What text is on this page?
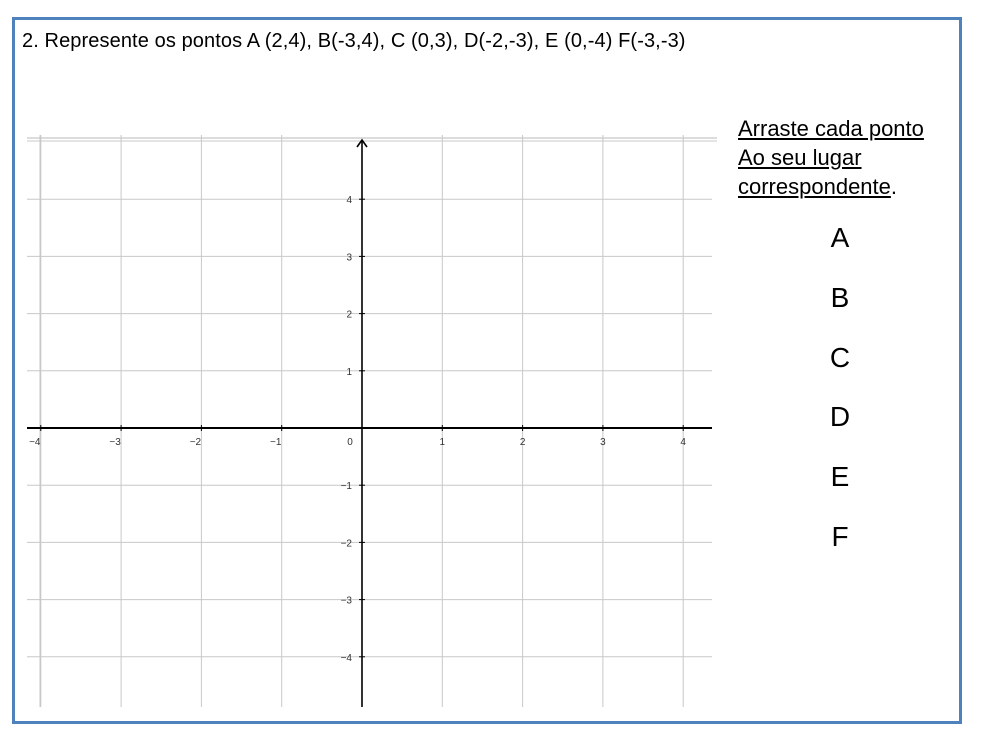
2. Represente os pontos A (2,4), B(-3,4), C (0,3), D(-2,-3), E (0,-4) F(-3,-3)
−4	−3	−2	−1	0	1	2	3	4
4
3
2
1
−1
−2
−3
−4
Arraste cada ponto
Ao seu lugar
correspondente.
A
B
C
D
E
F
